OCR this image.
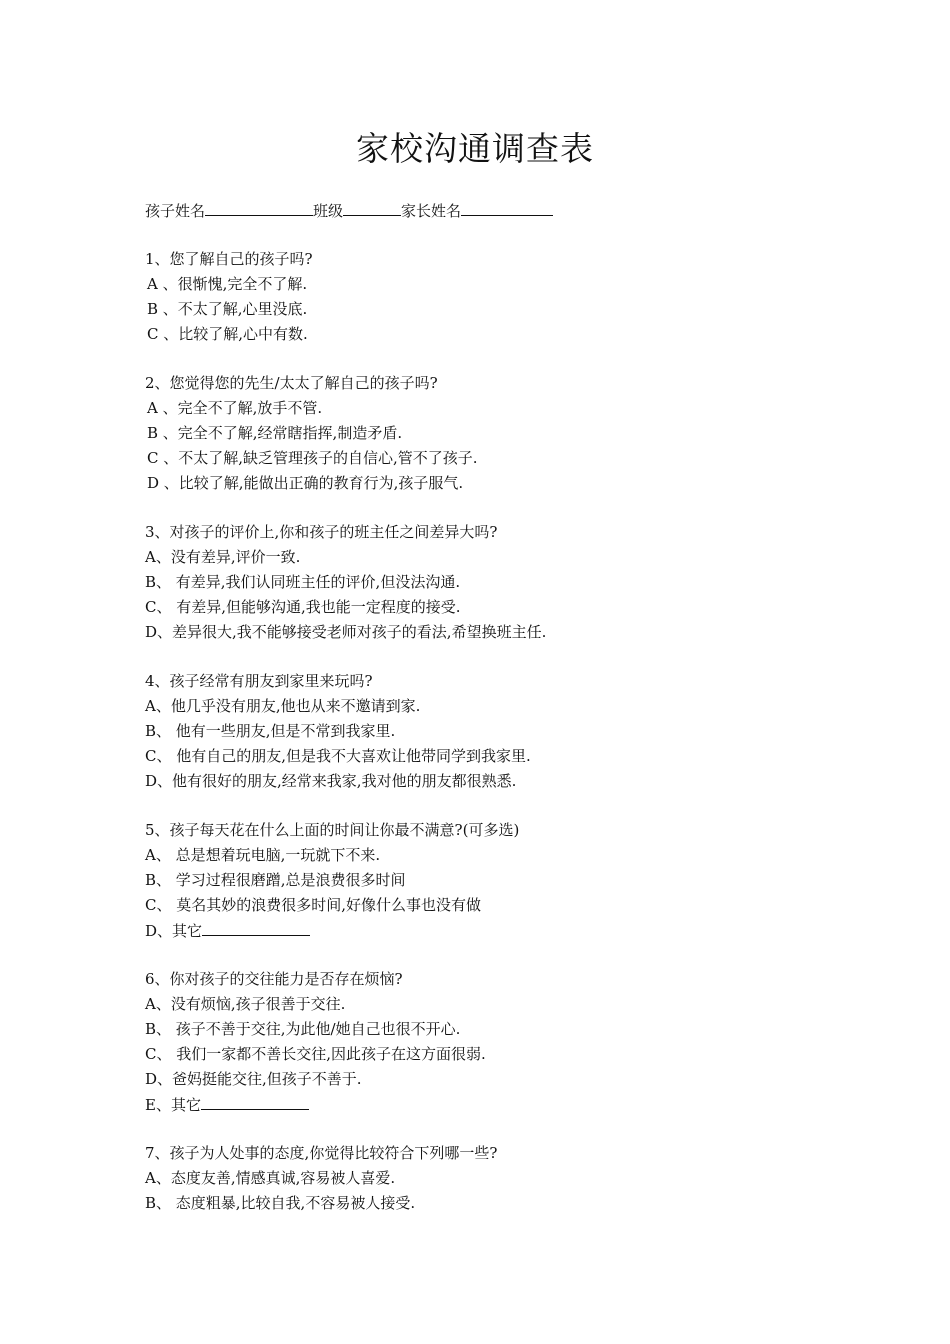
家校沟通调查表
孩子姓名	班级	家长姓名
1、您了解自己的孩子吗?
A 、很惭愧,完全不了解.
B 、不太了解,心里没底.
C 、比较了解,心中有数.
2、您觉得您的先生/太太了解自己的孩子吗?
A 、完全不了解,放手不管.
B 、完全不了解,经常瞎指挥,制造矛盾.
C 、不太了解,缺乏管理孩子的自信心,管不了孩子.
D 、比较了解,能做出正确的教育行为,孩子服气.
3、对孩子的评价上,你和孩子的班主任之间差异大吗?
A、没有差异,评价一致.
B、 有差异,我们认同班主任的评价,但没法沟通.
C、 有差异,但能够沟通,我也能一定程度的接受.
D、差异很大,我不能够接受老师对孩子的看法,希望换班主任.
4、孩子经常有朋友到家里来玩吗?
A、他几乎没有朋友,他也从来不邀请到家.
B、 他有一些朋友,但是不常到我家里.
C、 他有自己的朋友,但是我不大喜欢让他带同学到我家里.
D、他有很好的朋友,经常来我家,我对他的朋友都很熟悉.
5、孩子每天花在什么上面的时间让你最不满意?(可多选)
A、 总是想着玩电脑,一玩就下不来.
B、 学习过程很磨蹭,总是浪费很多时间
C、 莫名其妙的浪费很多时间,好像什么事也没有做
D、其它
6、你对孩子的交往能力是否存在烦恼?
A、没有烦恼,孩子很善于交往.
B、 孩子不善于交往,为此他/她自己也很不开心.
C、 我们一家都不善长交往,因此孩子在这方面很弱.
D、爸妈挺能交往,但孩子不善于.
E、其它
7、孩子为人处事的态度,你觉得比较符合下列哪一些?
A、态度友善,情感真诚,容易被人喜爱.
B、 态度粗暴,比较自我,不容易被人接受.
